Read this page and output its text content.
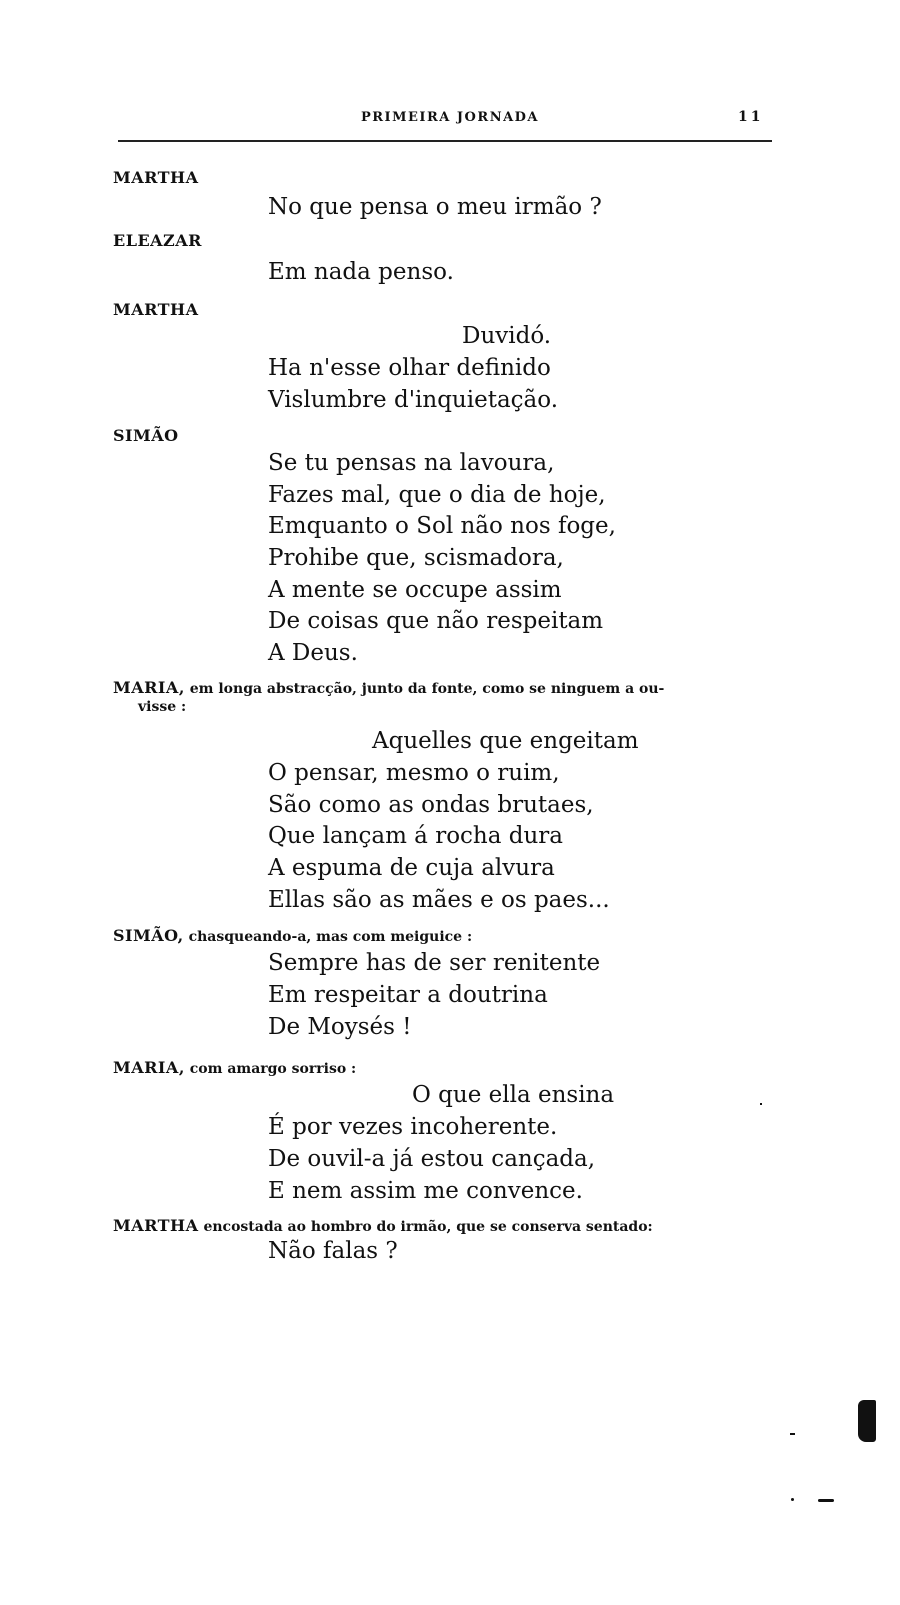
PRIMEIRA JORNADA	11
MARTHA
No que pensa o meu irmão ?
ELEAZAR
Em nada penso.
MARTHA
Duvidó.
Ha n'esse olhar definido
Vislumbre d'inquietação.
SIMÃO
Se tu pensas na lavoura,
Fazes mal, que o dia de hoje,
Emquanto o Sol não nos foge,
Prohibe que, scismadora,
A mente se occupe assim
De coisas que não respeitam
A Deus.
MARIA, em longa abstracção, junto da fonte, como se ninguem a ou-
visse :
Aquelles que engeitam
O pensar, mesmo o ruim,
São como as ondas brutaes,
Que lançam á rocha dura
A espuma de cuja alvura
Ellas são as mães e os paes...
SIMÃO, chasqueando-a, mas com meiguice :
Sempre has de ser renitente
Em respeitar a doutrina
De Moysés !
MARIA, com amargo sorriso :
O que ella ensina
É por vezes incoherente.
De ouvil-a já estou cançada,
E nem assim me convence.
MARTHA encostada ao hombro do irmão, que se conserva sentado:
Não falas ?
